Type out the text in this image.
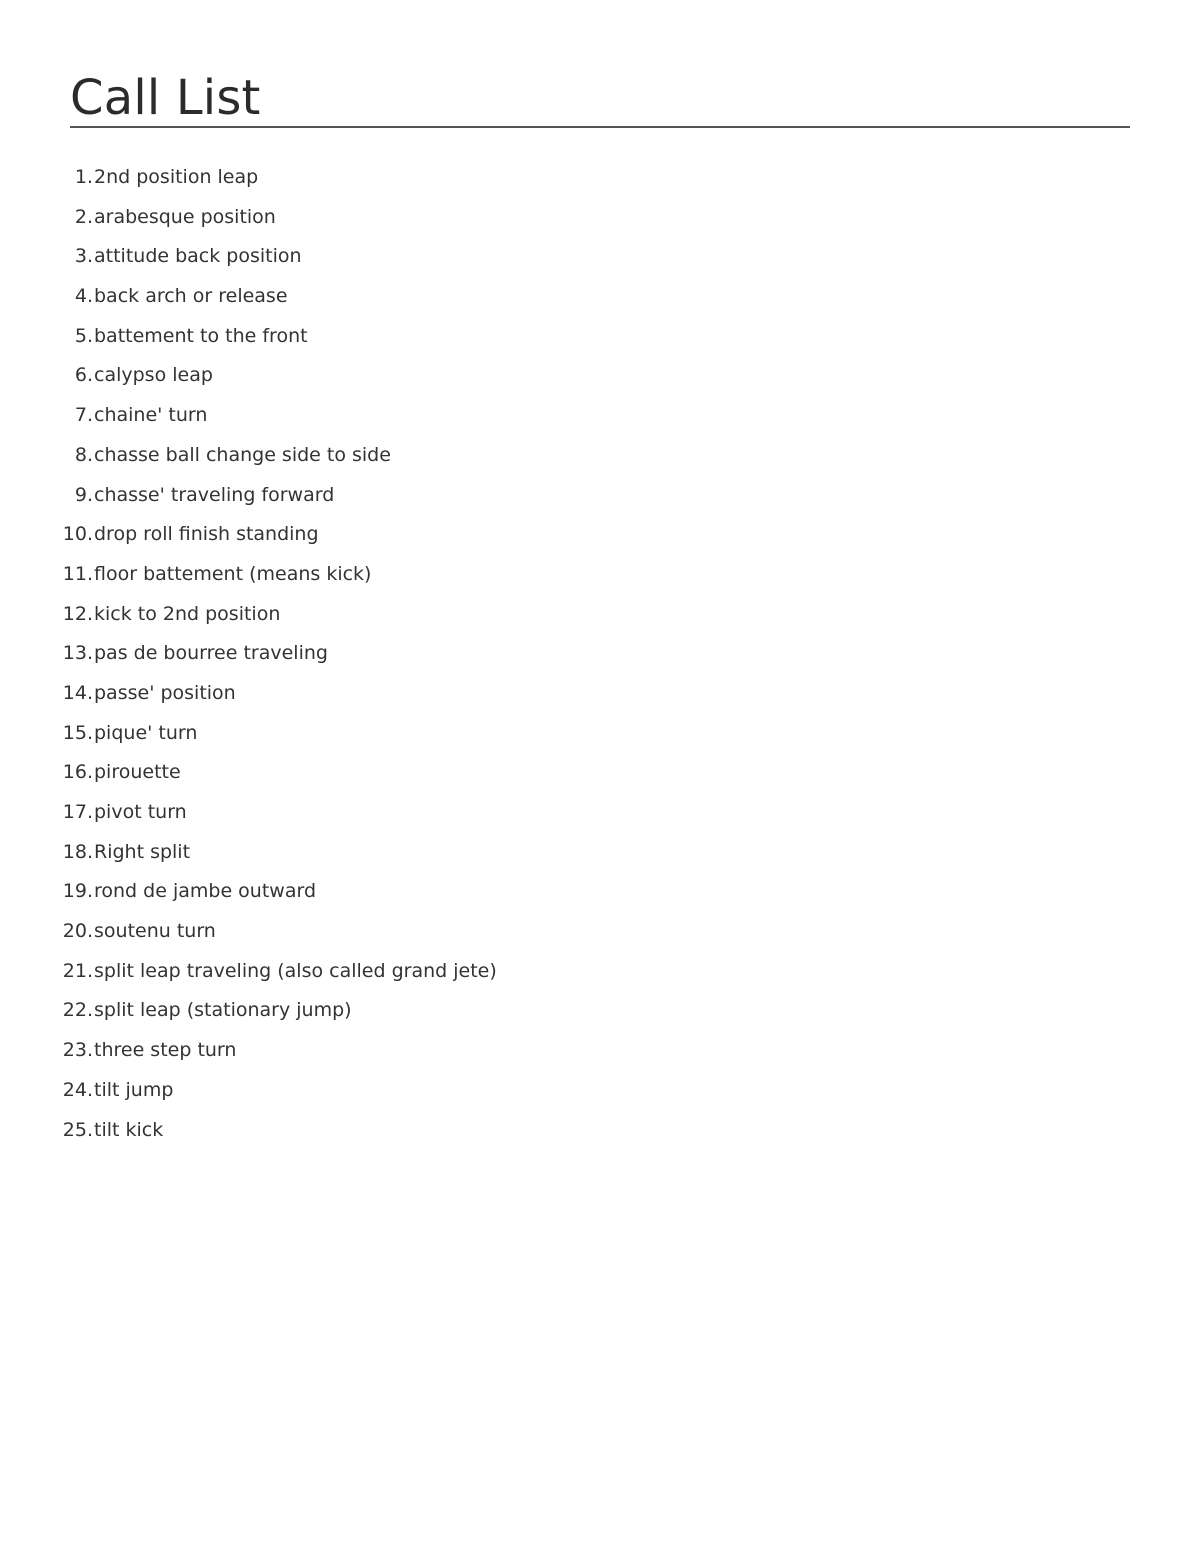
Call List
1. 2nd position leap
2. arabesque position
3. attitude back position
4. back arch or release
5. battement to the front
6. calypso leap
7. chaine' turn
8. chasse ball change side to side
9. chasse' traveling forward
10. drop roll finish standing
11. floor battement (means kick)
12. kick to 2nd position
13. pas de bourree traveling
14. passe' position
15. pique' turn
16. pirouette
17. pivot turn
18. Right split
19. rond de jambe outward
20. soutenu turn
21. split leap traveling (also called grand jete)
22. split leap (stationary jump)
23. three step turn
24. tilt jump
25. tilt kick
